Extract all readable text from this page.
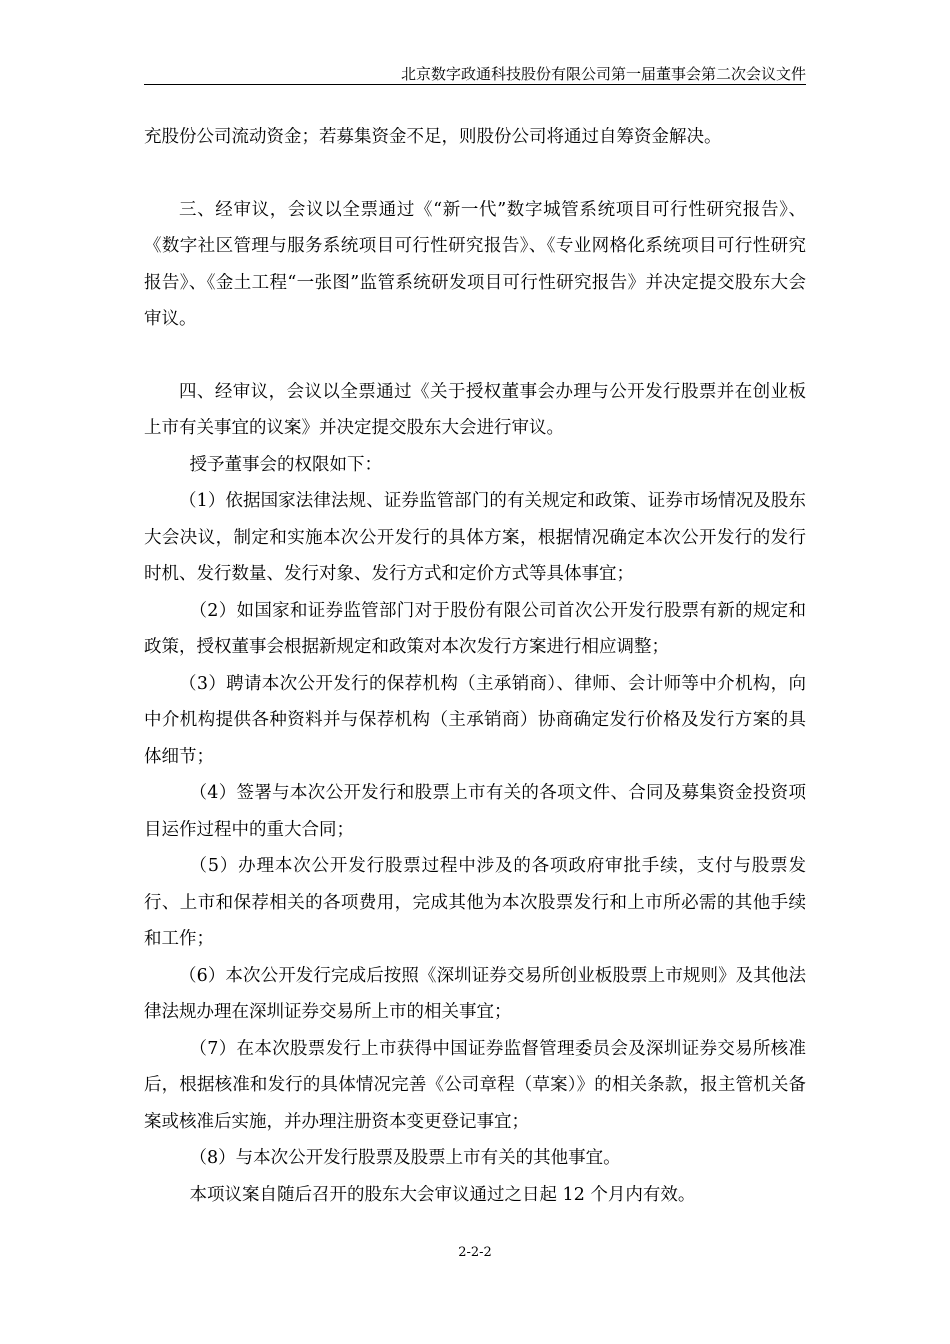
北京数字政通科技股份有限公司第一届董事会第二次会议文件

充股份公司流动资金；若募集资金不足，则股份公司将通过自筹资金解决。

三、经审议，会议以全票通过《“新一代”数字城管系统项目可行性研究报告》、《数字社区管理与服务系统项目可行性研究报告》、《专业网格化系统项目可行性研究报告》、《金土工程“一张图”监管系统研发项目可行性研究报告》并决定提交股东大会审议。

四、经审议，会议以全票通过《关于授权董事会办理与公开发行股票并在创业板上市有关事宜的议案》并决定提交股东大会进行审议。

授予董事会的权限如下：

（1）依据国家法律法规、证券监管部门的有关规定和政策、证券市场情况及股东大会决议，制定和实施本次公开发行的具体方案，根据情况确定本次公开发行的发行时机、发行数量、发行对象、发行方式和定价方式等具体事宜；

（2）如国家和证券监管部门对于股份有限公司首次公开发行股票有新的规定和政策，授权董事会根据新规定和政策对本次发行方案进行相应调整；

（3）聘请本次公开发行的保荐机构（主承销商）、律师、会计师等中介机构，向中介机构提供各种资料并与保荐机构（主承销商）协商确定发行价格及发行方案的具体细节；

（4）签署与本次公开发行和股票上市有关的各项文件、合同及募集资金投资项目运作过程中的重大合同；

（5）办理本次公开发行股票过程中涉及的各项政府审批手续，支付与股票发行、上市和保荐相关的各项费用，完成其他为本次股票发行和上市所必需的其他手续和工作；

（6）本次公开发行完成后按照《深圳证券交易所创业板股票上市规则》及其他法律法规办理在深圳证券交易所上市的相关事宜；

（7）在本次股票发行上市获得中国证券监督管理委员会及深圳证券交易所核准后，根据核准和发行的具体情况完善《公司章程（草案）》的相关条款，报主管机关备案或核准后实施，并办理注册资本变更登记事宜；

（8）与本次公开发行股票及股票上市有关的其他事宜。

本项议案自随后召开的股东大会审议通过之日起 12 个月内有效。

2-2-2
